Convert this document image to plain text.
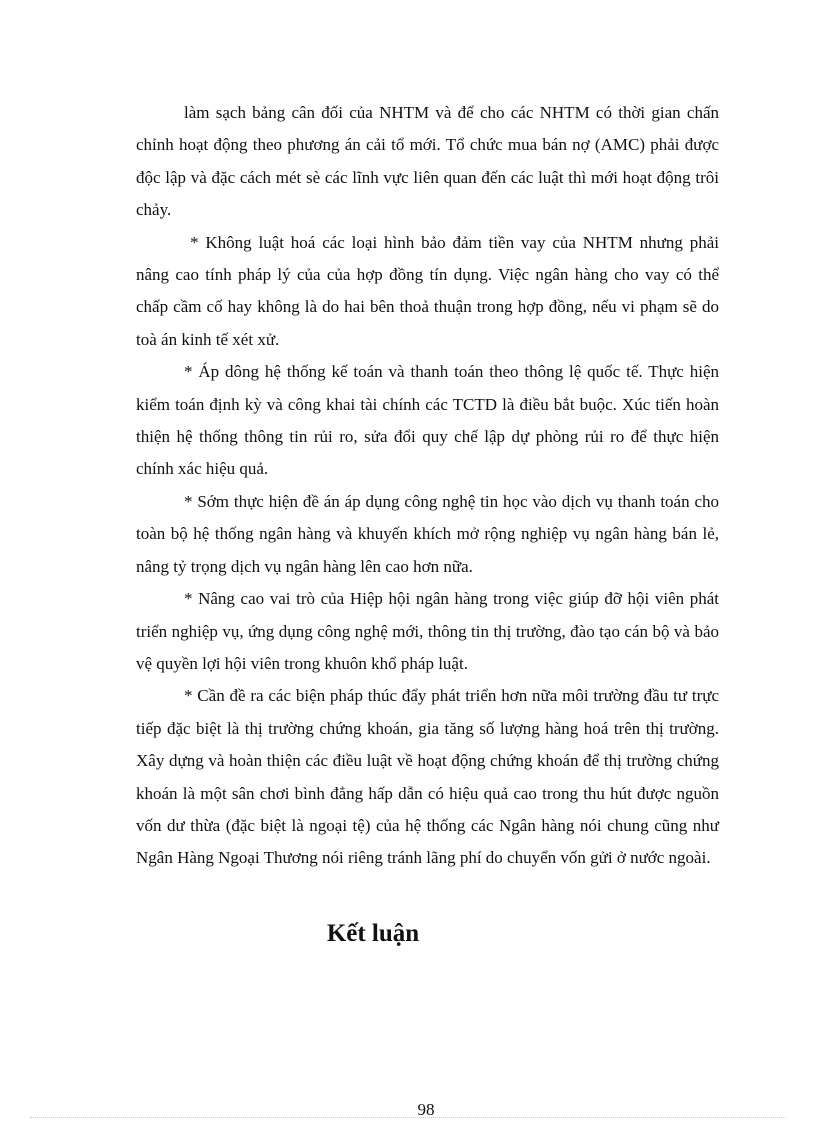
làm sạch bảng cân đối của NHTM và để cho các NHTM có thời gian chấn chỉnh hoạt động theo phương án cải tổ mới. Tổ chức mua bán nợ (AMC) phải được độc lập và đặc cách mét sè các lĩnh vực liên quan đến các luật thì mới hoạt động trôi chảy.

* Không luật hoá các loại hình bảo đảm tiền vay của NHTM nhưng phải nâng cao tính pháp lý của của hợp đồng tín dụng. Việc ngân hàng cho vay có thể chấp cầm cố hay không là do hai bên thoả thuận trong hợp đồng, nếu vi phạm sẽ do toà án kinh tế xét xử.

* Áp dông hệ thống kế toán và thanh toán theo thông lệ quốc tế. Thực hiện kiểm toán định kỳ và công khai tài chính các TCTD là điều bắt buộc. Xúc tiến hoàn thiện hệ thống thông tin rủi ro, sửa đổi quy chế lập dự phòng rủi ro để thực hiện chính xác hiệu quả.

* Sớm thực hiện đề án áp dụng công nghệ tin học vào dịch vụ thanh toán cho toàn bộ hệ thống ngân hàng và khuyến khích mở rộng nghiệp vụ ngân hàng bán lẻ, nâng tỷ trọng dịch vụ ngân hàng lên cao hơn nữa.

* Nâng cao vai trò của Hiệp hội ngân hàng trong việc giúp đỡ hội viên phát triển nghiệp vụ, ứng dụng công nghệ mới, thông tin thị trường, đào tạo cán bộ và bảo vệ quyền lợi hội viên trong khuôn khổ pháp luật.

* Cần đề ra các biện pháp thúc đẩy phát triển hơn nữa môi trường đầu tư trực tiếp đặc biệt là thị trường chứng khoán, gia tăng số lượng hàng hoá trên thị trường. Xây dựng và hoàn thiện các điều luật về hoạt động chứng khoán để thị trường chứng khoán là một sân chơi bình đẳng hấp dẫn có hiệu quả cao trong thu hút được nguồn vốn dư thừa (đặc biệt là ngoại tệ) của hệ thống các Ngân hàng nói chung cũng như Ngân Hàng Ngoại Thương nói riêng tránh lãng phí do chuyển vốn gửi ở nước ngoài.

Kết luận
98
